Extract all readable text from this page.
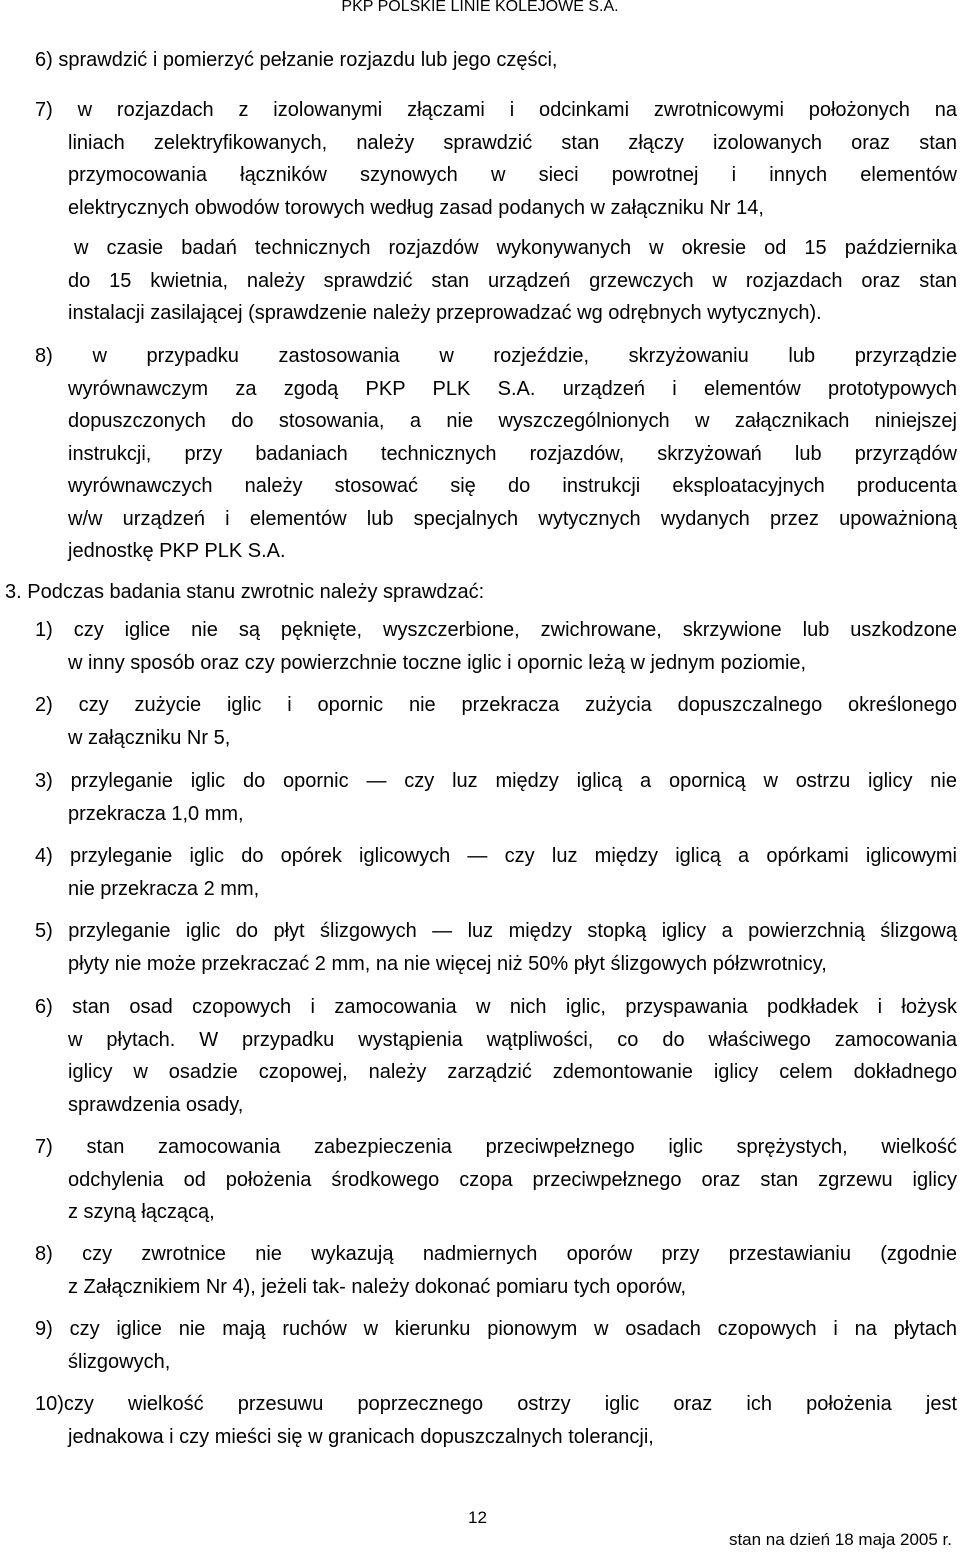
PKP POLSKIE LINIE KOLEJOWE S.A.
6) sprawdzić i pomierzyć pełzanie rozjazdu lub jego części,
7) w rozjazdach z izolowanymi złączami i odcinkami zwrotnicowymi położonych na
liniach zelektryfikowanych, należy sprawdzić stan złączy izolowanych oraz stan
przymocowania łączników szynowych w sieci powrotnej i innych elementów
elektrycznych obwodów torowych według zasad podanych w załączniku Nr 14,
w czasie badań technicznych rozjazdów wykonywanych w okresie od 15 października
do 15 kwietnia, należy sprawdzić stan urządzeń grzewczych w rozjazdach oraz stan
instalacji zasilającej (sprawdzenie należy przeprowadzać wg odrębnych wytycznych).
8) w przypadku zastosowania w rozjeździe, skrzyżowaniu lub przyrządzie
wyrównawczym za zgodą PKP PLK S.A. urządzeń i elementów prototypowych
dopuszczonych do stosowania, a nie wyszczególnionych w załącznikach niniejszej
instrukcji, przy badaniach technicznych rozjazdów, skrzyżowań lub przyrządów
wyrównawczych należy stosować się do instrukcji eksploatacyjnych producenta
w/w urządzeń i elementów lub specjalnych wytycznych wydanych przez upoważnioną
jednostkę PKP PLK S.A.
3. Podczas badania stanu zwrotnic należy sprawdzać:
1) czy iglice nie są pęknięte, wyszczerbione, zwichrowane, skrzywione lub uszkodzone
w inny sposób oraz czy powierzchnie toczne iglic i opornic leżą w jednym poziomie,
2) czy zużycie iglic i opornic nie przekracza zużycia dopuszczalnego określonego
w załączniku Nr 5,
3) przyleganie iglic do opornic — czy luz między iglicą a opornicą w ostrzu iglicy nie
przekracza 1,0 mm,
4) przyleganie iglic do opórek iglicowych — czy luz między iglicą a opórkami iglicowymi
nie przekracza 2 mm,
5) przyleganie iglic do płyt ślizgowych — luz między stopką iglicy a powierzchnią ślizgową
płyty nie może przekraczać 2 mm, na nie więcej niż 50% płyt ślizgowych półzwrotnicy,
6) stan osad czopowych i zamocowania w nich iglic, przyspawania podkładek i łożysk
w płytach. W przypadku wystąpienia wątpliwości, co do właściwego zamocowania
iglicy w osadzie czopowej, należy zarządzić zdemontowanie iglicy celem dokładnego
sprawdzenia osady,
7) stan zamocowania zabezpieczenia przeciwpełznego iglic sprężystych, wielkość
odchylenia od położenia środkowego czopa przeciwpełznego oraz stan zgrzewu iglicy
z szyną łączącą,
8) czy zwrotnice nie wykazują nadmiernych oporów przy przestawianiu (zgodnie
z Załącznikiem Nr 4), jeżeli tak- należy dokonać pomiaru tych oporów,
9) czy iglice nie mają ruchów w kierunku pionowym w osadach czopowych i na płytach
ślizgowych,
10)czy wielkość przesuwu poprzecznego ostrzy iglic oraz ich położenia jest
jednakowa i czy mieści się w granicach dopuszczalnych tolerancji,
12
stan na dzień 18 maja 2005 r.
